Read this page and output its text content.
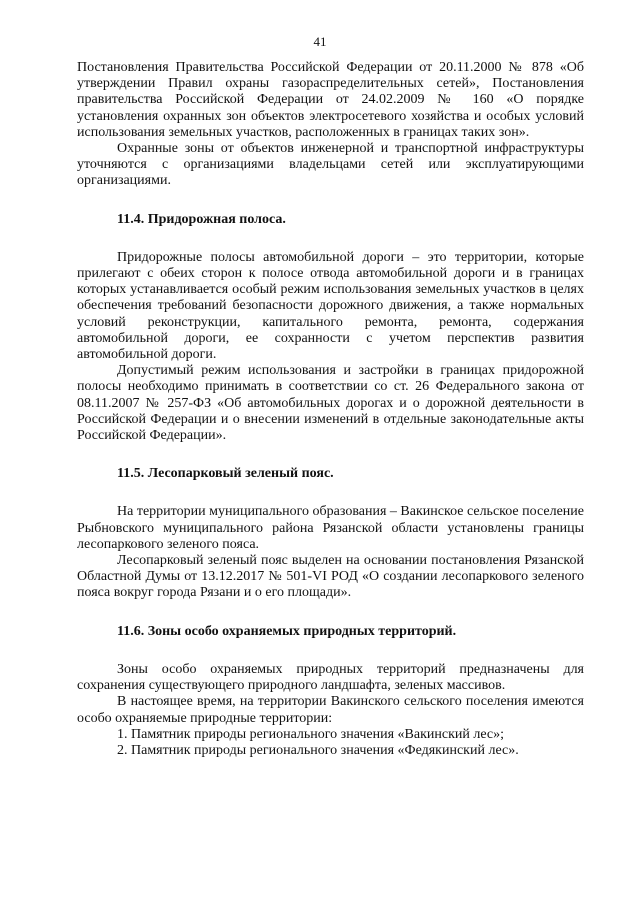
41

Постановления Правительства Российской Федерации от 20.11.2000 № 878 «Об утверждении Правил охраны газораспределительных сетей», Постановления правительства Российской Федерации от 24.02.2009 № 160 «О порядке установления охранных зон объектов электросетевого хозяйства и особых условий использования земельных участков, расположенных в границах таких зон».

Охранные зоны от объектов инженерной и транспортной инфраструктуры уточняются с организациями владельцами сетей или эксплуатирующими организациями.

11.4. Придорожная полоса.

Придорожные полосы автомобильной дороги – это территории, которые прилегают с обеих сторон к полосе отвода автомобильной дороги и в границах которых устанавливается особый режим использования земельных участков в целях обеспечения требований безопасности дорожного движения, а также нормальных условий реконструкции, капитального ремонта, ремонта, содержания автомобильной дороги, ее сохранности с учетом перспектив развития автомобильной дороги.

Допустимый режим использования и застройки в границах придорожной полосы необходимо принимать в соответствии со ст. 26 Федерального закона от 08.11.2007 № 257-ФЗ «Об автомобильных дорогах и о дорожной деятельности в Российской Федерации и о внесении изменений в отдельные законодательные акты Российской Федерации».

11.5. Лесопарковый зеленый пояс.

На территории муниципального образования – Вакинское сельское поселение Рыбновского муниципального района Рязанской области установлены границы лесопаркового зеленого пояса.

Лесопарковый зеленый пояс выделен на основании постановления Рязанской Областной Думы от 13.12.2017 № 501-VI РОД «О создании лесопаркового зеленого пояса вокруг города Рязани и о его площади».

11.6. Зоны особо охраняемых природных территорий.

Зоны особо охраняемых природных территорий предназначены для сохранения существующего природного ландшафта, зеленых массивов.

В настоящее время, на территории Вакинского сельского поселения имеются особо охраняемые природные территории:

1. Памятник природы регионального значения «Вакинский лес»;

2. Памятник природы регионального значения «Федякинский лес».
